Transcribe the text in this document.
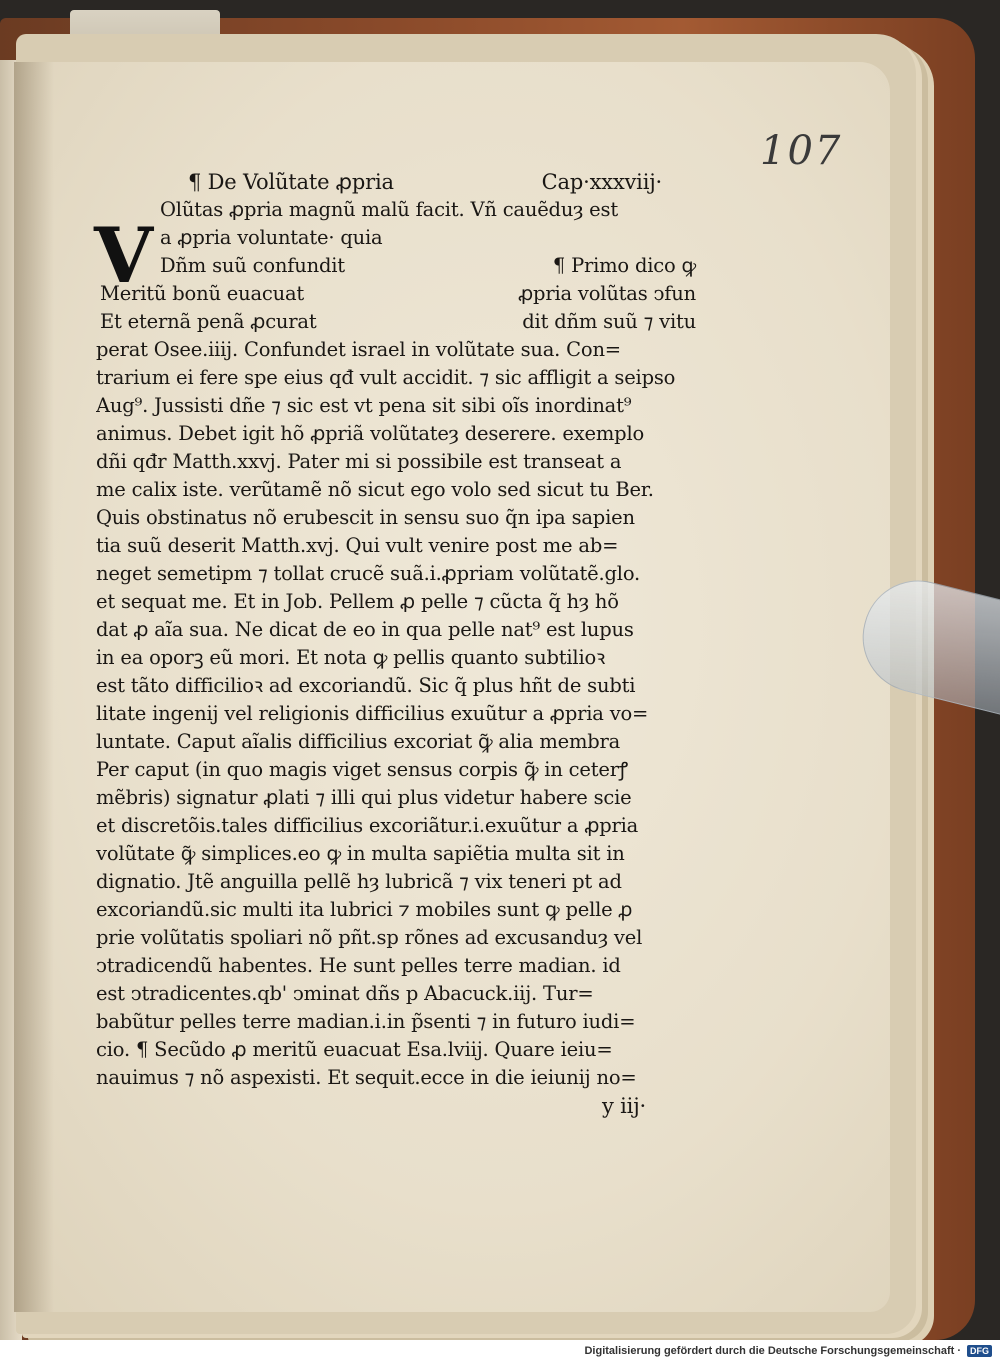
107
¶ De Volũtate ꝓpria	Cap·xxxviij·
V
Olũtas ꝓpria magnũ malũ facit. Vñ cauẽduȝ est
a ꝓpria voluntate· quia
Dñm suũ confundit	¶ Primo dico ꝙ
Meritũ bonũ euacuat	ꝓpria volũtas ↄfun
Et eternã penã ꝓcurat	dit dñm suũ ⁊ vitu
perat Osee.iiij. Confundet israel in volũtate sua. Con=
trarium ei fere spe eius qđ vult accidit. ⁊ sic affligit a seipso
Aug⁹. Jussisti dñe ⁊ sic est vt pena sit sibi oĩs inordinat⁹
animus. Debet igit hõ ꝓpriã volũtateȝ deserere. exemplo
dñi qđr Matth.xxvj. Pater mi si possibile est transeat a
me calix iste. verũtamẽ nõ sicut ego volo sed sicut tu Ber.
Quis obstinatus nõ erubescit in sensu suo q̃n ipa sapien
tia suũ deserit Matth.xvj. Qui vult venire post me ab=
neget semetipm ⁊ tollat crucẽ suã.i.ꝓpriam volũtatẽ.glo.
et sequat me. Et in Job. Pellem ꝓ pelle ⁊ cũcta q̃ hȝ hõ
dat ꝓ aĩa sua. Ne dicat de eo in qua pelle nat⁹ est lupus
in ea oporꝫ eũ mori. Et nota ꝙ pellis quanto subtilioꝛ
est tãto difficilioꝛ ad excoriandũ. Sic q̃ plus hñt de subti
litate ingenij vel religionis difficilius exuũtur a ꝓpria vo=
luntate. Caput aĩalis difficilius excoriat ꝙ̃ alia membra
Per caput (in quo magis viget sensus corpis ꝙ̃ in ceterꝭ
mẽbris) signatur ꝓlati ⁊ illi qui plus videtur habere scie
et discretõis.tales difficilius excoriãtur.i.exuũtur a ꝓpria
volũtate ꝙ̃ simplices.eo ꝙ in multa sapiẽtia multa sit in
dignatio. Jtẽ anguilla pellẽ hȝ lubricã ⁊ vix teneri pt ad
excoriandũ.sic multi ita lubrici ⁊ mobiles sunt ꝙ pelle ꝓ
prie volũtatis spoliari nõ pñt.sp rõnes ad excusanduȝ vel
ↄtradicendũ habentes. He sunt pelles terre madian. id
est ↄtradicentes.qb' ↄminat dñs p Abacuck.iij. Tur=
babũtur pelles terre madian.i.in p̃senti ⁊ in futuro iudi=
cio. ¶ Secũdo ꝓ meritũ euacuat Esa.lviij. Quare ieiu=
nauimus ⁊ nõ aspexisti. Et sequit.ecce in die ieiunij no=
y iij·
Digitalisierung gefördert durch die Deutsche Forschungsgemeinschaft ·	DFG
